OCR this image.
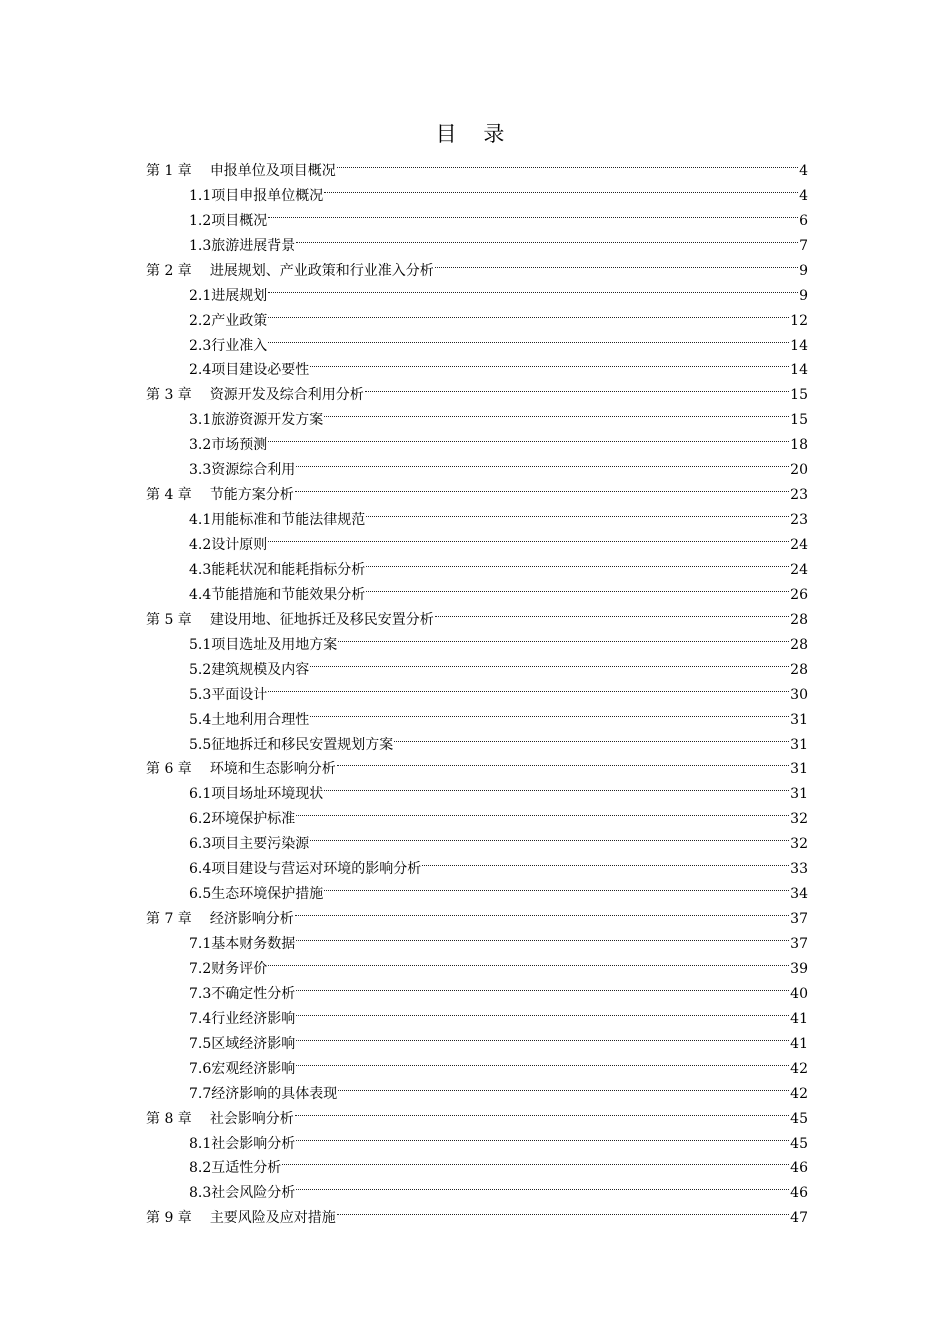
目 录
第 1 章 申报单位及项目概况	4
1.1 项目申报单位概况	4
1.2 项目概况	6
1.3 旅游进展背景	7
第 2 章 进展规划、产业政策和行业准入分析	9
2.1 进展规划	9
2.2 产业政策	12
2.3 行业准入	14
2.4 项目建设必要性	14
第 3 章 资源开发及综合利用分析	15
3.1 旅游资源开发方案	15
3.2 市场预测	18
3.3 资源综合利用	20
第 4 章 节能方案分析	23
4.1 用能标准和节能法律规范	23
4.2 设计原则	24
4.3 能耗状况和能耗指标分析	24
4.4 节能措施和节能效果分析	26
第 5 章 建设用地、征地拆迁及移民安置分析	28
5.1 项目选址及用地方案	28
5.2 建筑规模及内容	28
5.3 平面设计	30
5.4 土地利用合理性	31
5.5 征地拆迁和移民安置规划方案	31
第 6 章 环境和生态影响分析	31
6.1 项目场址环境现状	31
6.2 环境保护标准	32
6.3 项目主要污染源	32
6.4 项目建设与营运对环境的影响分析	33
6.5 生态环境保护措施	34
第 7 章 经济影响分析	37
7.1 基本财务数据	37
7.2 财务评价	39
7.3 不确定性分析	40
7.4 行业经济影响	41
7.5 区域经济影响	41
7.6 宏观经济影响	42
7.7 经济影响的具体表现	42
第 8 章 社会影响分析	45
8.1 社会影响分析	45
8.2 互适性分析	46
8.3 社会风险分析	46
第 9 章 主要风险及应对措施	47
